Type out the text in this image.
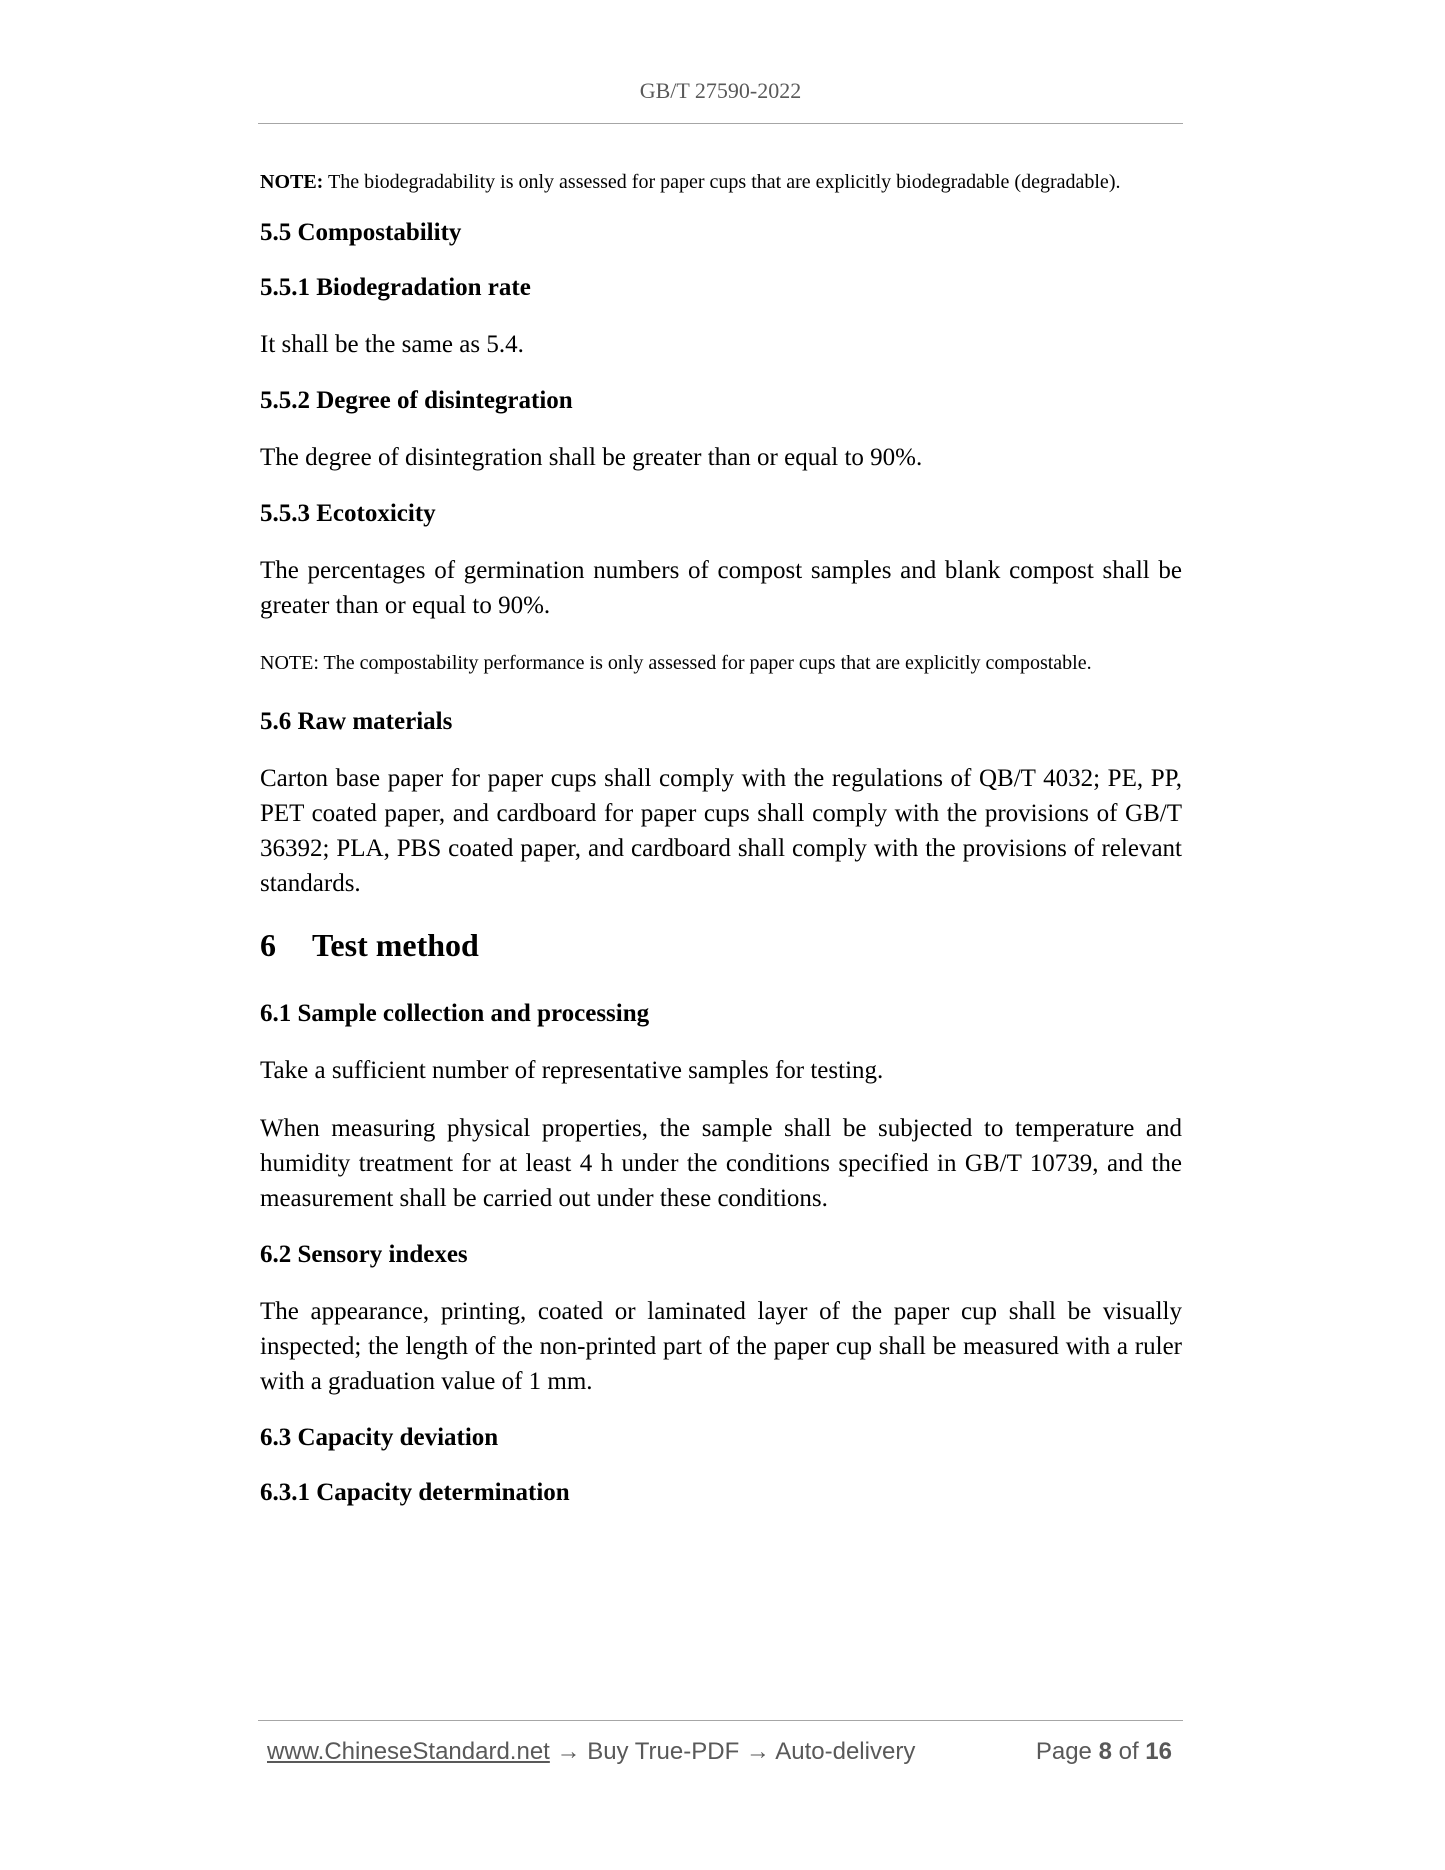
GB/T 27590-2022

NOTE: The biodegradability is only assessed for paper cups that are explicitly biodegradable (degradable).

5.5 Compostability
5.5.1 Biodegradation rate

It shall be the same as 5.4.

5.5.2 Degree of disintegration

The degree of disintegration shall be greater than or equal to 90%.

5.5.3 Ecotoxicity

The percentages of germination numbers of compost samples and blank compost shall be greater than or equal to 90%.

NOTE: The compostability performance is only assessed for paper cups that are explicitly compostable.

5.6 Raw materials

Carton base paper for paper cups shall comply with the regulations of QB/T 4032; PE, PP, PET coated paper, and cardboard for paper cups shall comply with the provisions of GB/T 36392; PLA, PBS coated paper, and cardboard shall comply with the provisions of relevant standards.

6 Test method
6.1 Sample collection and processing

Take a sufficient number of representative samples for testing.

When measuring physical properties, the sample shall be subjected to temperature and humidity treatment for at least 4 h under the conditions specified in GB/T 10739, and the measurement shall be carried out under these conditions.

6.2 Sensory indexes

The appearance, printing, coated or laminated layer of the paper cup shall be visually inspected; the length of the non-printed part of the paper cup shall be measured with a ruler with a graduation value of 1 mm.

6.3 Capacity deviation
6.3.1 Capacity determination
www.ChineseStandard.net → Buy True-PDF → Auto-delivery	Page 8 of 16
